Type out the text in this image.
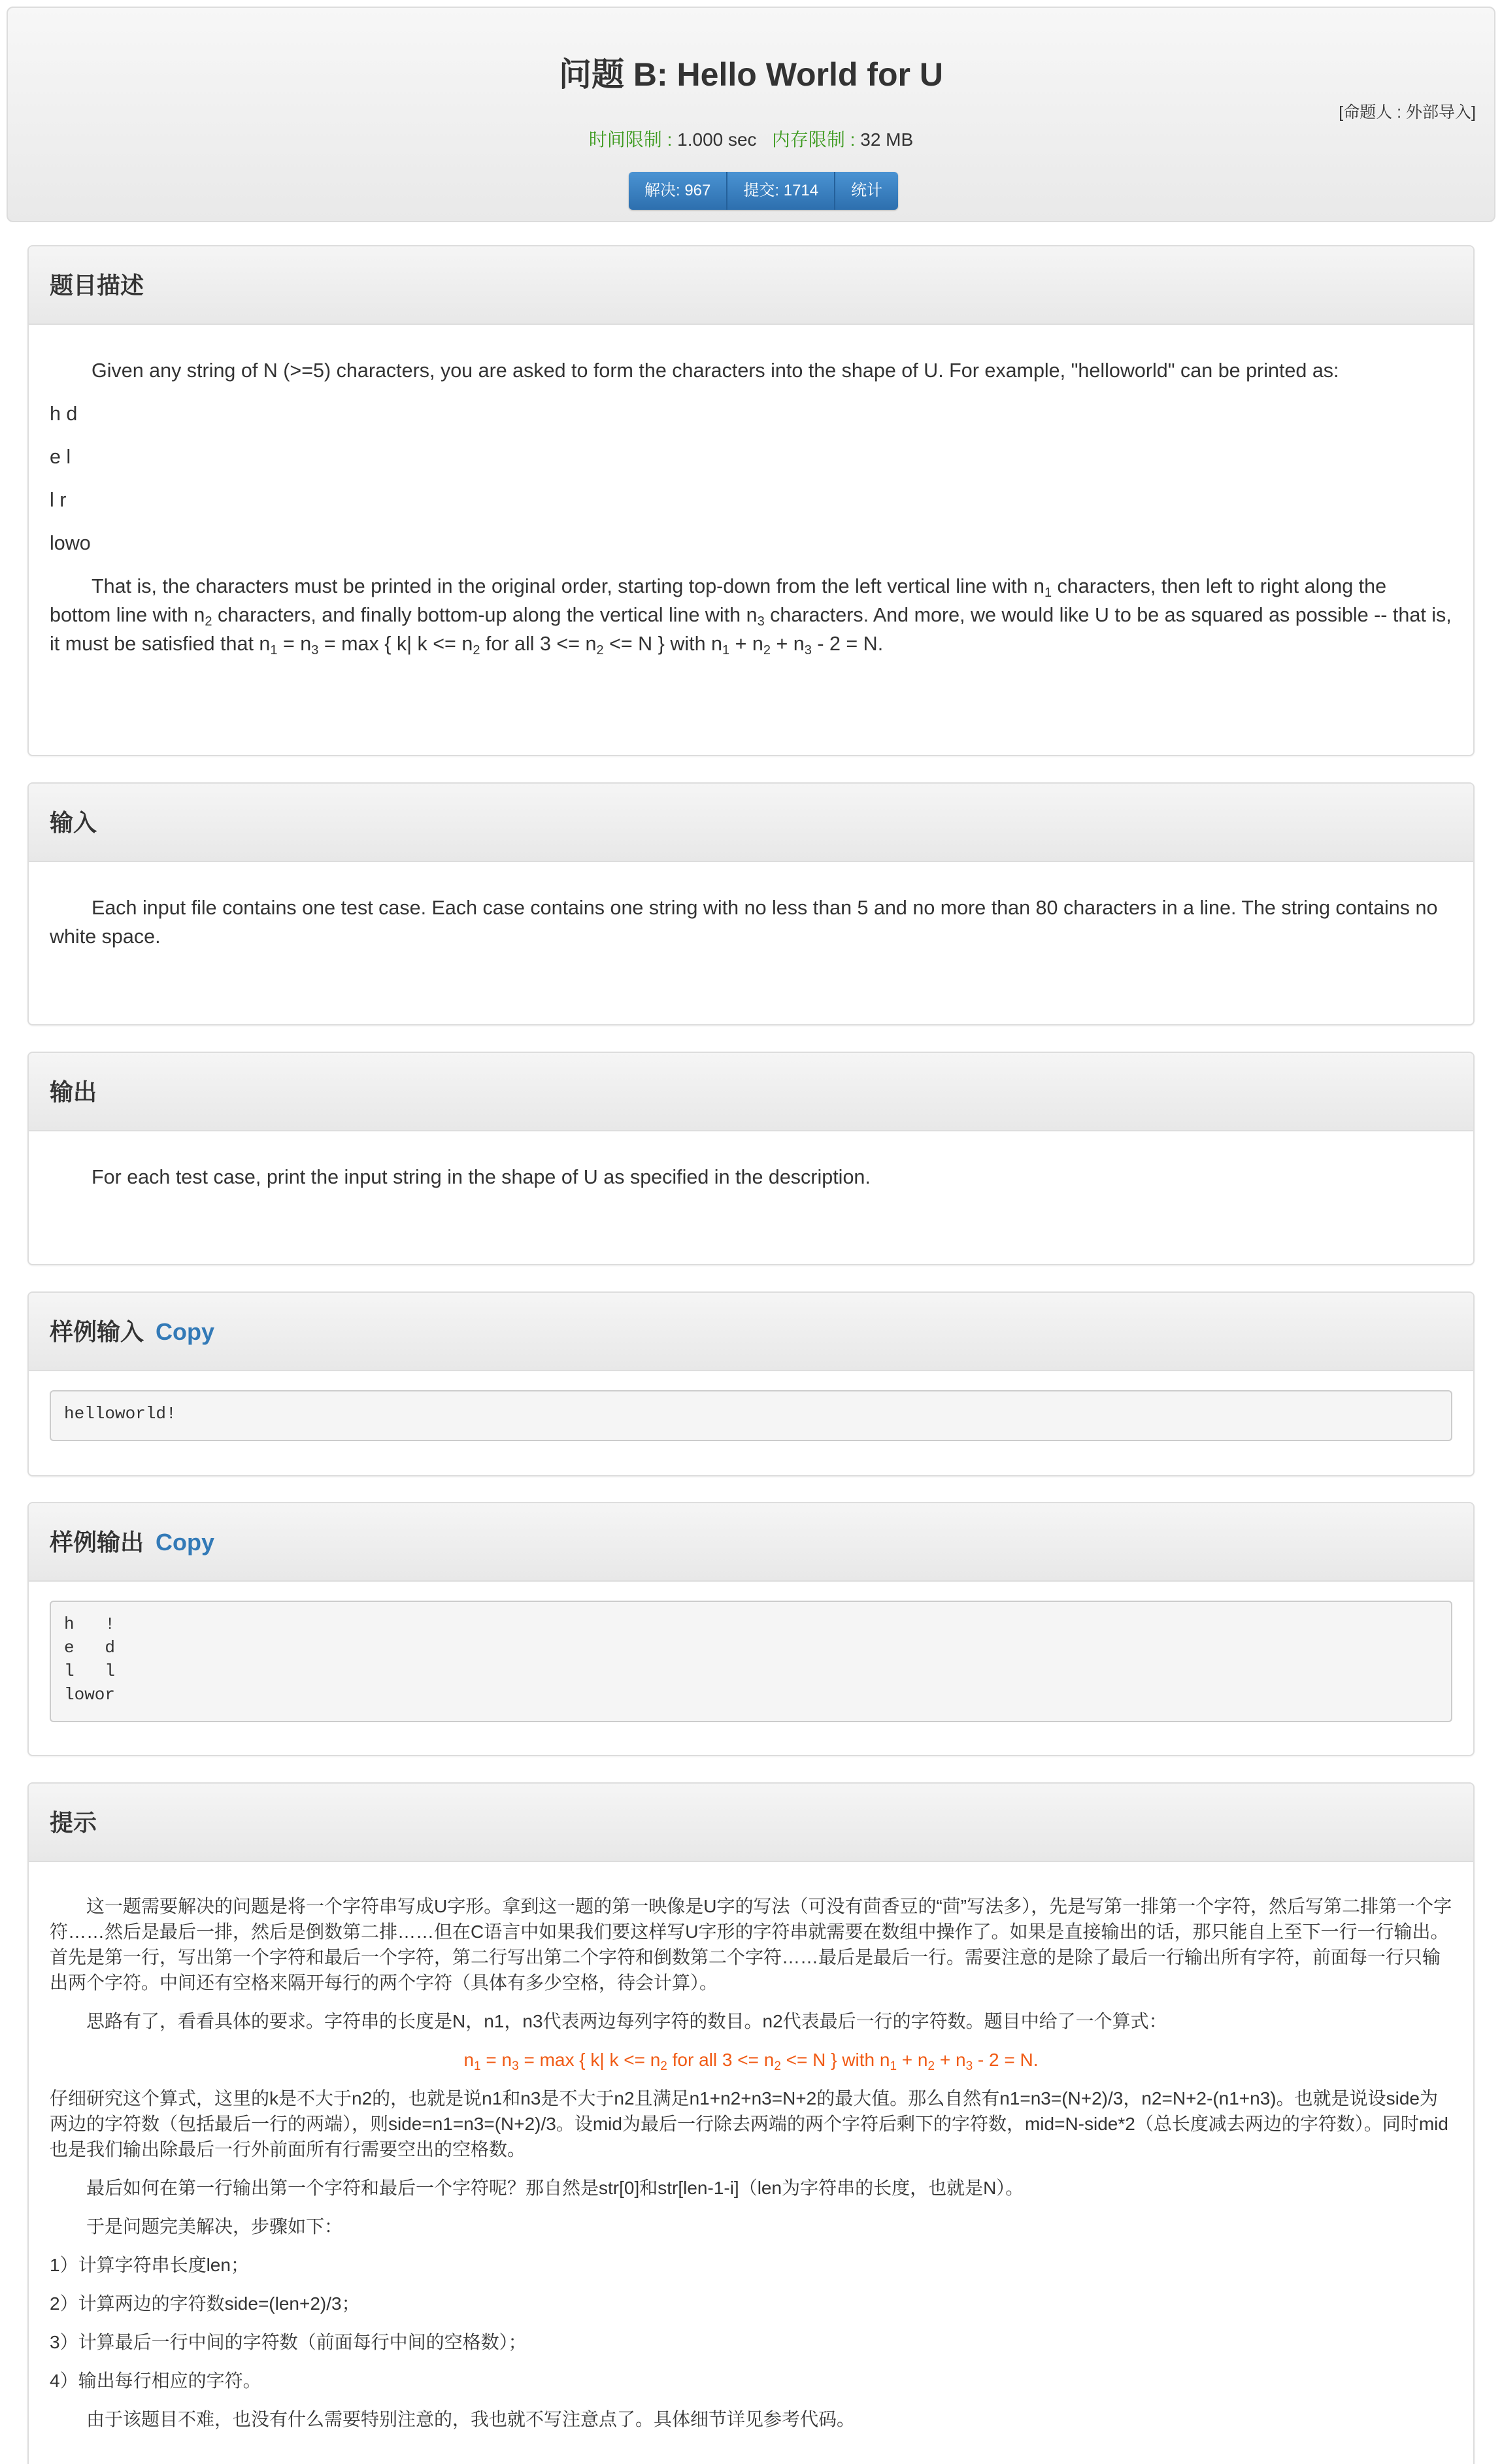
问题 B: Hello World for U
[命题人 : 外部导入]
时间限制 : 1.000 sec 内存限制 : 32 MB
解决: 967	提交: 1714	统计
题目描述

Given any string of N (>=5) characters, you are asked to form the characters into the shape of U. For example, "helloworld" can be printed as:

h d

e l

l r

lowo

That is, the characters must be printed in the original order, starting top-down from the left vertical line with $n_1$ characters, then left to right along the bottom line with $n_2$ characters, and finally bottom-up along the vertical line with $n_3$ characters. And more, we would like U to be as squared as possible -- that is, it must be satisfied that $n_1 = n_3 = \max$ { k| $k <= n_2$ for all $3 <= n_2 <= N$ } with $n_1 + n_2 + n_3 - 2 = N$.

输入

Each input file contains one test case. Each case contains one string with no less than 5 and no more than 80 characters in a line. The string contains no white space.

输出

For each test case, print the input string in the shape of U as specified in the description.

样例输入 Copy
helloworld!
样例输出 Copy
h   !
e   d
l   l
lowor
提示

这一题需要解决的问题是将一个字符串写成U字形。拿到这一题的第一映像是U字的写法（可没有茴香豆的“茴”写法多），先是写第一排第一个字符，然后写第二排第一个字符……然后是最后一排，然后是倒数第二排……但在C语言中如果我们要这样写U字形的字符串就需要在数组中操作了。如果是直接输出的话，那只能自上至下一行一行输出。首先是第一行，写出第一个字符和最后一个字符，第二行写出第二个字符和倒数第二个字符……最后是最后一行。需要注意的是除了最后一行输出所有字符，前面每一行只输出两个字符。中间还有空格来隔开每行的两个字符（具体有多少空格，待会计算）。

思路有了，看看具体的要求。字符串的长度是N，n1，n3代表两边每列字符的数目。n2代表最后一行的字符数。题目中给了一个算式：

$n_1 = n_3 = \max$ { k| $k <= n_2$ for all $3 <= n_2 <= N$ } with $n_1 + n_2 + n_3 - 2 = N$.

仔细研究这个算式，这里的k是不大于n2的，也就是说n1和n3是不大于n2且满足n1+n2+n3=N+2的最大值。那么自然有n1=n3=(N+2)/3，n2=N+2-(n1+n3)。也就是说设side为两边的字符数（包括最后一行的两端），则side=n1=n3=(N+2)/3。设mid为最后一行除去两端的两个字符后剩下的字符数，mid=N-side*2（总长度减去两边的字符数）。同时mid也是我们输出除最后一行外前面所有行需要空出的空格数。

最后如何在第一行输出第一个字符和最后一个字符呢？那自然是str[0]和str[len-1-i]（len为字符串的长度，也就是N）。

于是问题完美解决，步骤如下：

1）计算字符串长度len；

2）计算两边的字符数side=(len+2)/3；

3）计算最后一行中间的字符数（前面每行中间的空格数）；

4）输出每行相应的字符。

由于该题目不难，也没有什么需要特别注意的，我也就不写注意点了。具体细节详见参考代码。
